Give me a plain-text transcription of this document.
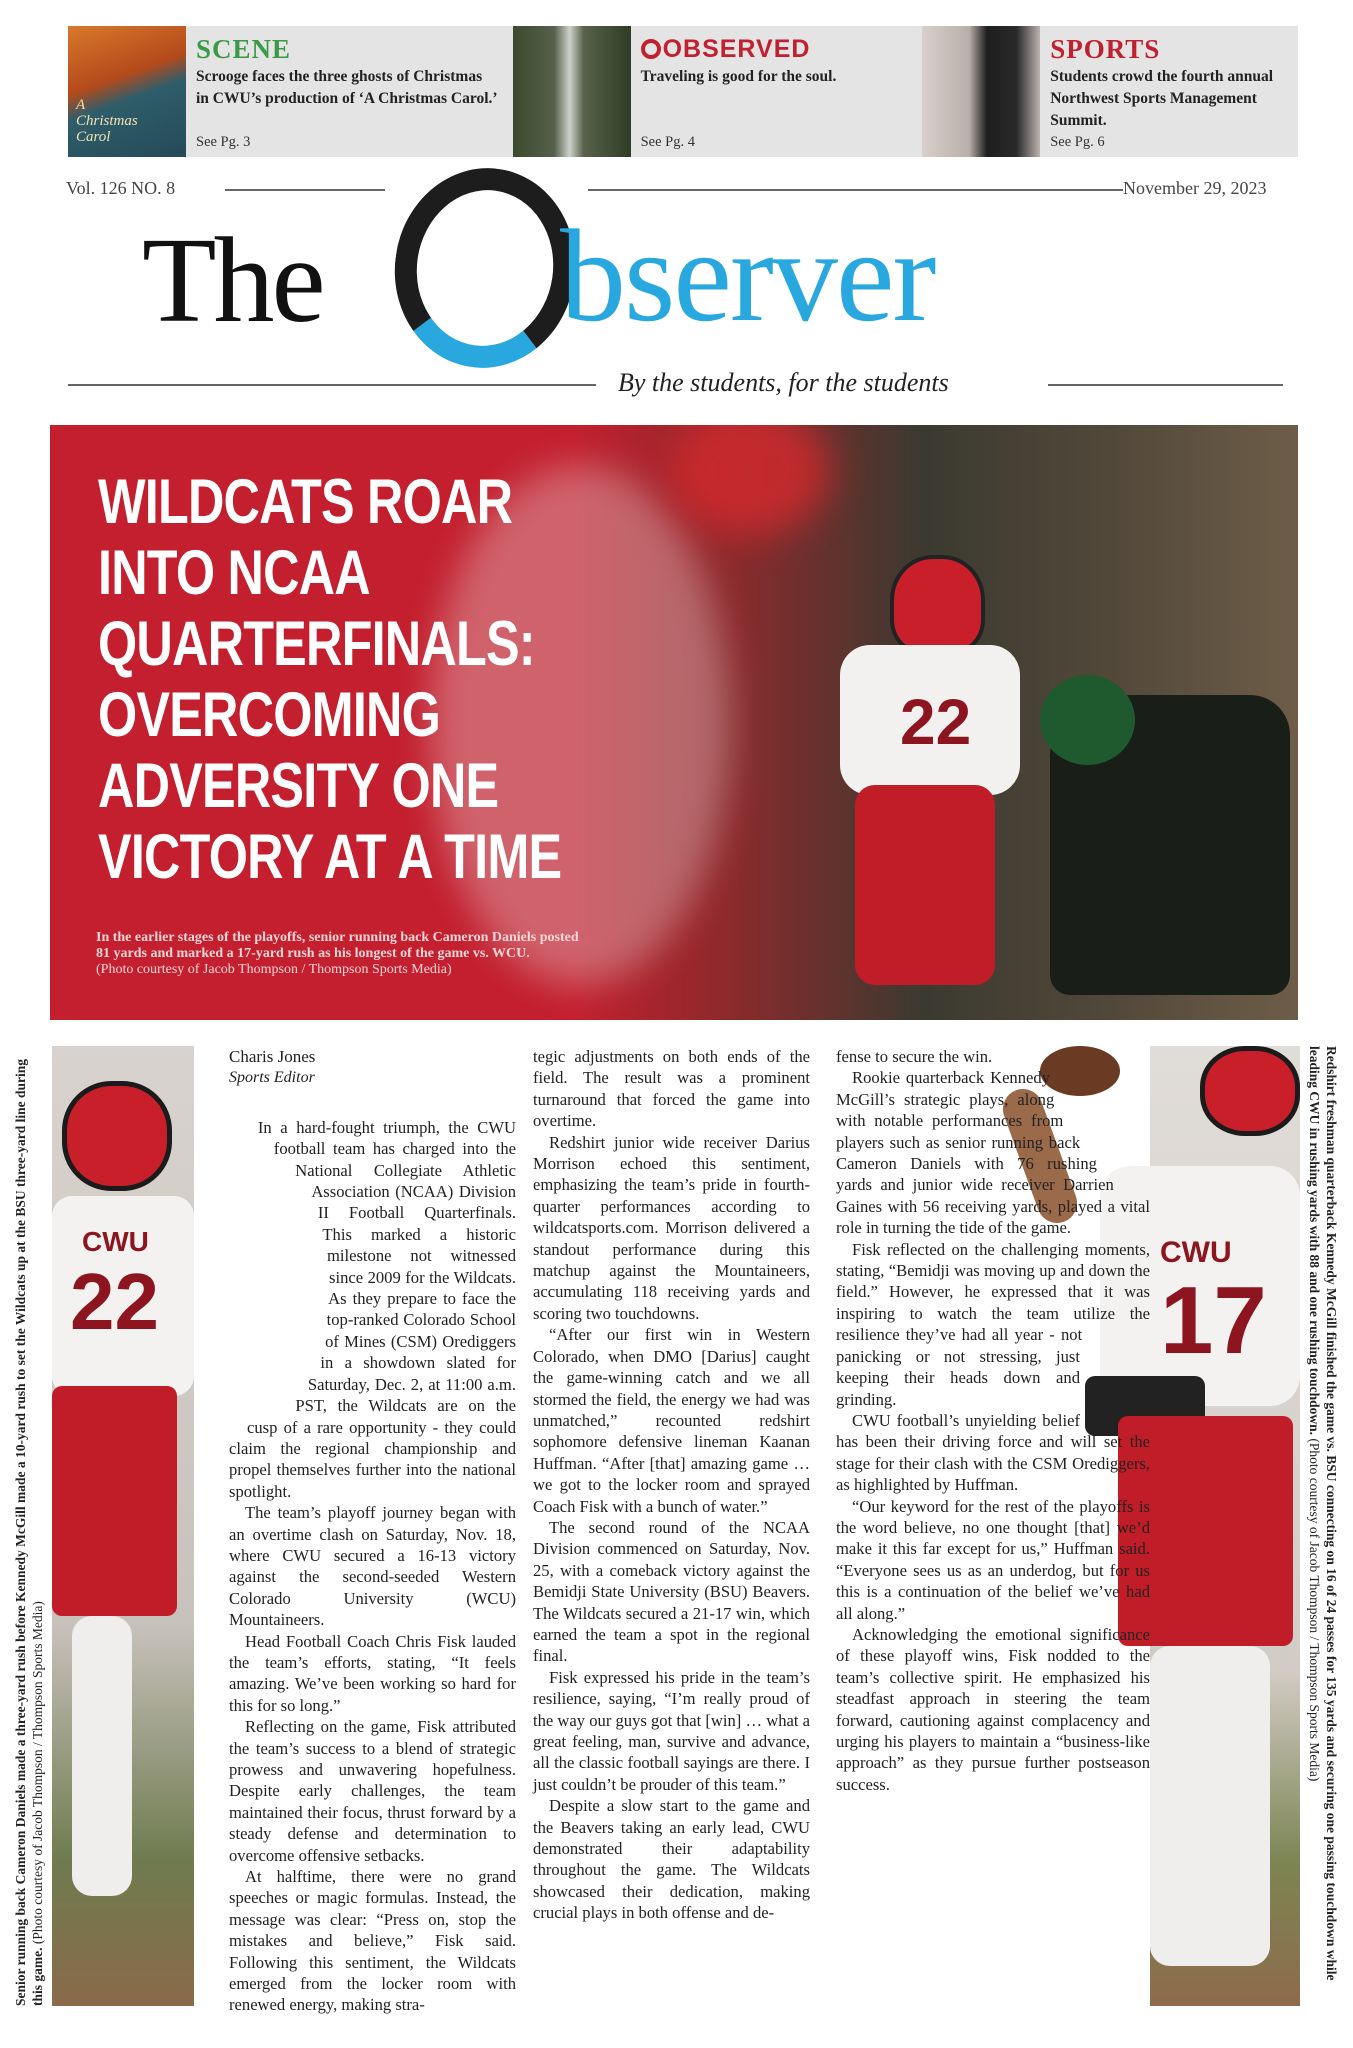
A Christmas Carol
SCENE
Scrooge faces the three ghosts of Christmas in CWU’s production of ‘A Christmas Carol.’
See Pg. 3
OBSERVED
Traveling is good for the soul.
See Pg. 4
SPORTS
Students crowd the fourth annual Northwest Sports Management Summit.
See Pg. 6
Vol. 126 NO. 8	November 29, 2023
The bserver
By the students, for the students
22
WILDCATS ROAR
INTO NCAA
QUARTERFINALS:
OVERCOMING
ADVERSITY ONE
VICTORY AT A TIME
In the earlier stages of the playoffs, senior running back Cameron Daniels posted 81 yards and marked a 17-yard rush as his longest of the game vs. WCU.
(Photo courtesy of Jacob Thompson / Thompson Sports Media)
Senior running back Cameron Daniels made a three-yard rush before Kennedy McGill made a 10-yard rush to set the Wildcats up at the BSU three-yard line during this game. (Photo courtesy of Jacob Thompson / Thompson Sports Media)
CWU
22
Charis Jones
Sports Editor

In a hard-fought triumph, the CWU football team has charged into the National Collegiate Athletic Association (NCAA) Division II Football Quarterfinals. This marked a historic milestone not witnessed since 2009 for the Wildcats. As they prepare to face the top-ranked Colorado School of Mines (CSM) Orediggers in a showdown slated for Saturday, Dec. 2, at 11:00 a.m. PST, the Wildcats are on the cusp of a rare opportunity - they could claim the regional championship and propel themselves further into the national spotlight.

The team’s playoff journey began with an overtime clash on Saturday, Nov. 18, where CWU secured a 16-13 victory against the second-seeded Western Colorado University (WCU) Mountaineers.

Head Football Coach Chris Fisk lauded the team’s efforts, stating, “It feels amazing. We’ve been working so hard for this for so long.”

Reflecting on the game, Fisk attributed the team’s success to a blend of strategic prowess and unwavering hopefulness. Despite early challenges, the team maintained their focus, thrust forward by a steady defense and determination to overcome offensive setbacks.

At halftime, there were no grand speeches or magic formulas. Instead, the message was clear: “Press on, stop the mistakes and believe,” Fisk said. Following this sentiment, the Wildcats emerged from the locker room with renewed energy, making stra-

tegic adjustments on both ends of the field. The result was a prominent turnaround that forced the game into overtime.

Redshirt junior wide receiver Darius Morrison echoed this sentiment, emphasizing the team’s pride in fourth-quarter performances according to wildcatsports.com. Morrison delivered a standout performance during this matchup against the Mountaineers, accumulating 118 receiving yards and scoring two touchdowns.

“After our first win in Western Colorado, when DMO [Darius] caught the game-winning catch and we all stormed the field, the energy we had was unmatched,” recounted redshirt sophomore defensive lineman Kaanan Huffman. “After [that] amazing game … we got to the locker room and sprayed Coach Fisk with a bunch of water.”

The second round of the NCAA Division commenced on Saturday, Nov. 25, with a comeback victory against the Bemidji State University (BSU) Beavers. The Wildcats secured a 21-17 win, which earned the team a spot in the regional final.

Fisk expressed his pride in the team’s resilience, saying, “I’m really proud of the way our guys got that [win] … what a great feeling, man, survive and advance, all the classic football sayings are there. I just couldn’t be prouder of this team.”

Despite a slow start to the game and the Beavers taking an early lead, CWU demonstrated their adaptability throughout the game. The Wildcats showcased their dedication, making crucial plays in both offense and de-

CWU
17

fense to secure the win.

Rookie quarterback Kennedy McGill’s strategic plays, along with notable performances from players such as senior running back Cameron Daniels with 76 rushing yards and junior wide receiver Darrien Gaines with 56 receiving yards, played a vital role in turning the tide of the game.

Fisk reflected on the challenging moments, stating, “Bemidji was moving up and down the field.” However, he expressed that it was inspiring to watch the team utilize the resilience they’ve had all year - not panicking or not stressing, just keeping their heads down and grinding.

CWU football’s unyielding belief has been their driving force and will set the stage for their clash with the CSM Orediggers, as highlighted by Huffman.

“Our keyword for the rest of the playoffs is the word believe, no one thought [that] we’d make it this far except for us,” Huffman said. “Everyone sees us as an underdog, but for us this is a continuation of the belief we’ve had all along.”

Acknowledging the emotional significance of these playoff wins, Fisk nodded to the team’s collective spirit. He emphasized his steadfast approach in steering the team forward, cautioning against complacency and urging his players to maintain a “business-like approach” as they pursue further postseason success.	Redshirt freshman quarterback Kennedy McGill finished the game vs. BSU connecting on 16 of 24 passes for 135 yards and securing one passing touchdown while leading CWU in rushing yards with 88 and one rushing touchdown. (Photo courtesy of Jacob Thompson / Thompson Sports Media)
